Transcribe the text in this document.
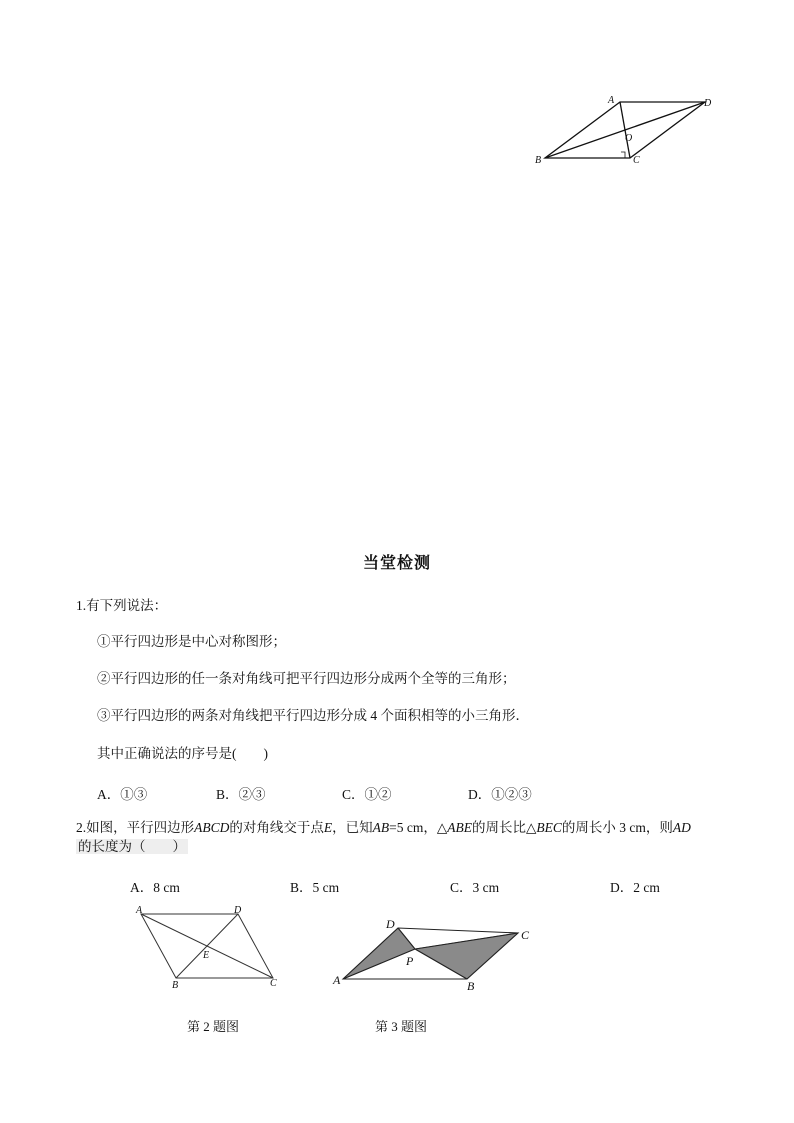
A	D
O
B	C
当堂检测
1.有下列说法：
①平行四边形是中心对称图形；
②平行四边形的任一条对角线可把平行四边形分成两个全等的三角形；
③平行四边形的两条对角线把平行四边形分成 4 个面积相等的小三角形．
其中正确说法的序号是(　　)
A．①③	B．②③	C．①②	D．①②③
2.如图，平行四边形ABCD的对角线交于点E，已知AB=5 cm，△ABE的周长比△BEC的周长小 3 cm，则AD
的长度为（　　）
A．8 cm	B．5 cm	C．3 cm	D．2 cm
A	D
E
B	C
第 2 题图
D
C
P
A	B
第 3 题图
